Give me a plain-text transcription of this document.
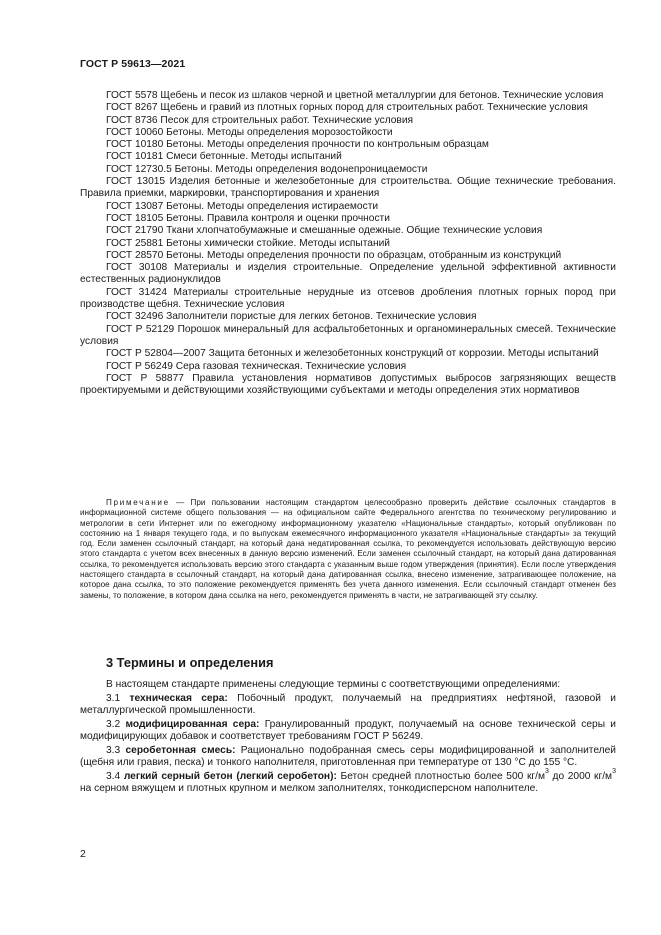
ГОСТ Р 59613—2021

ГОСТ 5578 Щебень и песок из шлаков черной и цветной металлургии для бетонов. Технические условия

ГОСТ 8267 Щебень и гравий из плотных горных пород для строительных работ. Технические условия

ГОСТ 8736 Песок для строительных работ. Технические условия

ГОСТ 10060 Бетоны. Методы определения морозостойкости

ГОСТ 10180 Бетоны. Методы определения прочности по контрольным образцам

ГОСТ 10181 Смеси бетонные. Методы испытаний

ГОСТ 12730.5 Бетоны. Методы определения водонепроницаемости

ГОСТ 13015 Изделия бетонные и железобетонные для строительства. Общие технические требования. Правила приемки, маркировки, транспортирования и хранения

ГОСТ 13087 Бетоны. Методы определения истираемости

ГОСТ 18105 Бетоны. Правила контроля и оценки прочности

ГОСТ 21790 Ткани хлопчатобумажные и смешанные одежные. Общие технические условия

ГОСТ 25881 Бетоны химически стойкие. Методы испытаний

ГОСТ 28570 Бетоны. Методы определения прочности по образцам, отобранным из конструкций

ГОСТ 30108 Материалы и изделия строительные. Определение удельной эффективной активности естественных радионуклидов

ГОСТ 31424 Материалы строительные нерудные из отсевов дробления плотных горных пород при производстве щебня. Технические условия

ГОСТ 32496 Заполнители пористые для легких бетонов. Технические условия

ГОСТ Р 52129 Порошок минеральный для асфальтобетонных и органоминеральных смесей. Технические условия

ГОСТ Р 52804—2007 Защита бетонных и железобетонных конструкций от коррозии. Методы испытаний

ГОСТ Р 56249 Сера газовая техническая. Технические условия

ГОСТ Р 58877 Правила установления нормативов допустимых выбросов загрязняющих веществ проектируемыми и действующими хозяйствующими субъектами и методы определения этих нормативов

Примечание — При пользовании настоящим стандартом целесообразно проверить действие ссылочных стандартов в информационной системе общего пользования — на официальном сайте Федерального агентства по техническому регулированию и метрологии в сети Интернет или по ежегодному информационному указателю «Национальные стандарты», который опубликован по состоянию на 1 января текущего года, и по выпускам ежемесячного информационного указателя «Национальные стандарты» за текущий год. Если заменен ссылочный стандарт, на который дана недатированная ссылка, то рекомендуется использовать действующую версию этого стандарта с учетом всех внесенных в данную версию изменений. Если заменен ссылочный стандарт, на который дана датированная ссылка, то рекомендуется использовать версию этого стандарта с указанным выше годом утверждения (принятия). Если после утверждения настоящего стандарта в ссылочный стандарт, на который дана датированная ссылка, внесено изменение, затрагивающее положение, на которое дана ссылка, то это положение рекомендуется применять без учета данного изменения. Если ссылочный стандарт отменен без замены, то положение, в котором дана ссылка на него, рекомендуется применять в части, не затрагивающей эту ссылку.

3 Термины и определения

В настоящем стандарте применены следующие термины с соответствующими определениями:

3.1 техническая сера: Побочный продукт, получаемый на предприятиях нефтяной, газовой и металлургической промышленности.

3.2 модифицированная сера: Гранулированный продукт, получаемый на основе технической серы и модифицирующих добавок и соответствует требованиям ГОСТ Р 56249.

3.3 серобетонная смесь: Рационально подобранная смесь серы модифицированной и заполнителей (щебня или гравия, песка) и тонкого наполнителя, приготовленная при температуре от 130 °С до 155 °С.

3.4 легкий серный бетон (легкий серобетон): Бетон средней плотностью более 500 $кг/м^3$ до 2000 $кг/м^3$ на серном вяжущем и плотных крупном и мелком заполнителях, тонкодисперсном наполнителе.

2
